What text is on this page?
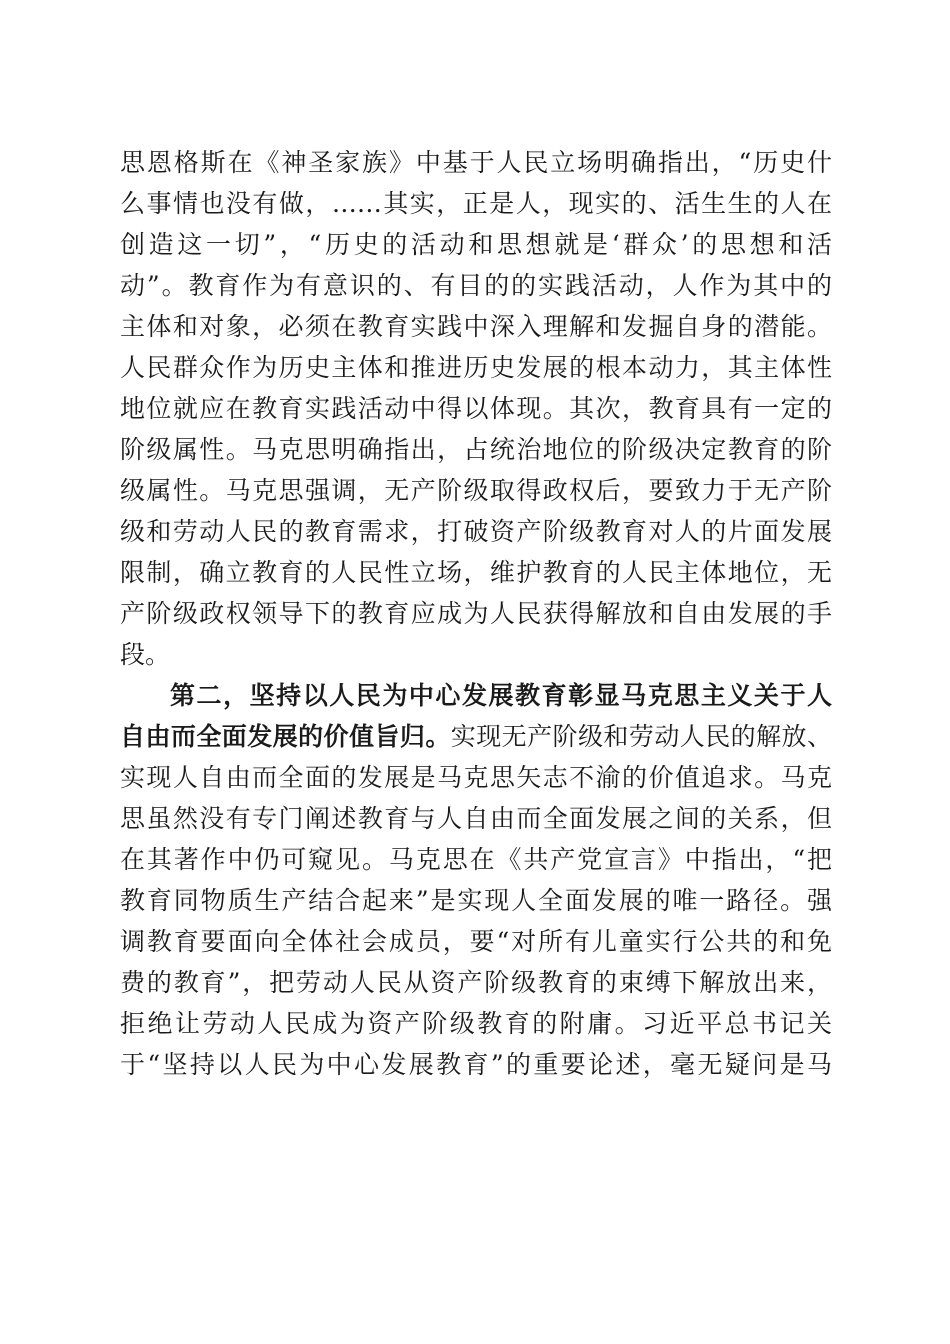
思恩格斯在《神圣家族》中基于人民立场明确指出，“历史什
么事情也没有做，……其实，正是人，现实的、活生生的人在
创造这一切”，“历史的活动和思想就是‘群众’的思想和活
动”。教育作为有意识的、有目的的实践活动，人作为其中的
主体和对象，必须在教育实践中深入理解和发掘自身的潜能。
人民群众作为历史主体和推进历史发展的根本动力，其主体性
地位就应在教育实践活动中得以体现。其次，教育具有一定的
阶级属性。马克思明确指出，占统治地位的阶级决定教育的阶
级属性。马克思强调，无产阶级取得政权后，要致力于无产阶
级和劳动人民的教育需求，打破资产阶级教育对人的片面发展
限制，确立教育的人民性立场，维护教育的人民主体地位，无
产阶级政权领导下的教育应成为人民获得解放和自由发展的手
段。
第二，坚持以人民为中心发展教育彰显马克思主义关于人
自由而全面发展的价值旨归。实现无产阶级和劳动人民的解放、
实现人自由而全面的发展是马克思矢志不渝的价值追求。马克
思虽然没有专门阐述教育与人自由而全面发展之间的关系，但
在其著作中仍可窥见。马克思在《共产党宣言》中指出，“把
教育同物质生产结合起来”是实现人全面发展的唯一路径。强
调教育要面向全体社会成员，要“对所有儿童实行公共的和免
费的教育”，把劳动人民从资产阶级教育的束缚下解放出来，
拒绝让劳动人民成为资产阶级教育的附庸。习近平总书记关
于“坚持以人民为中心发展教育”的重要论述，毫无疑问是马
